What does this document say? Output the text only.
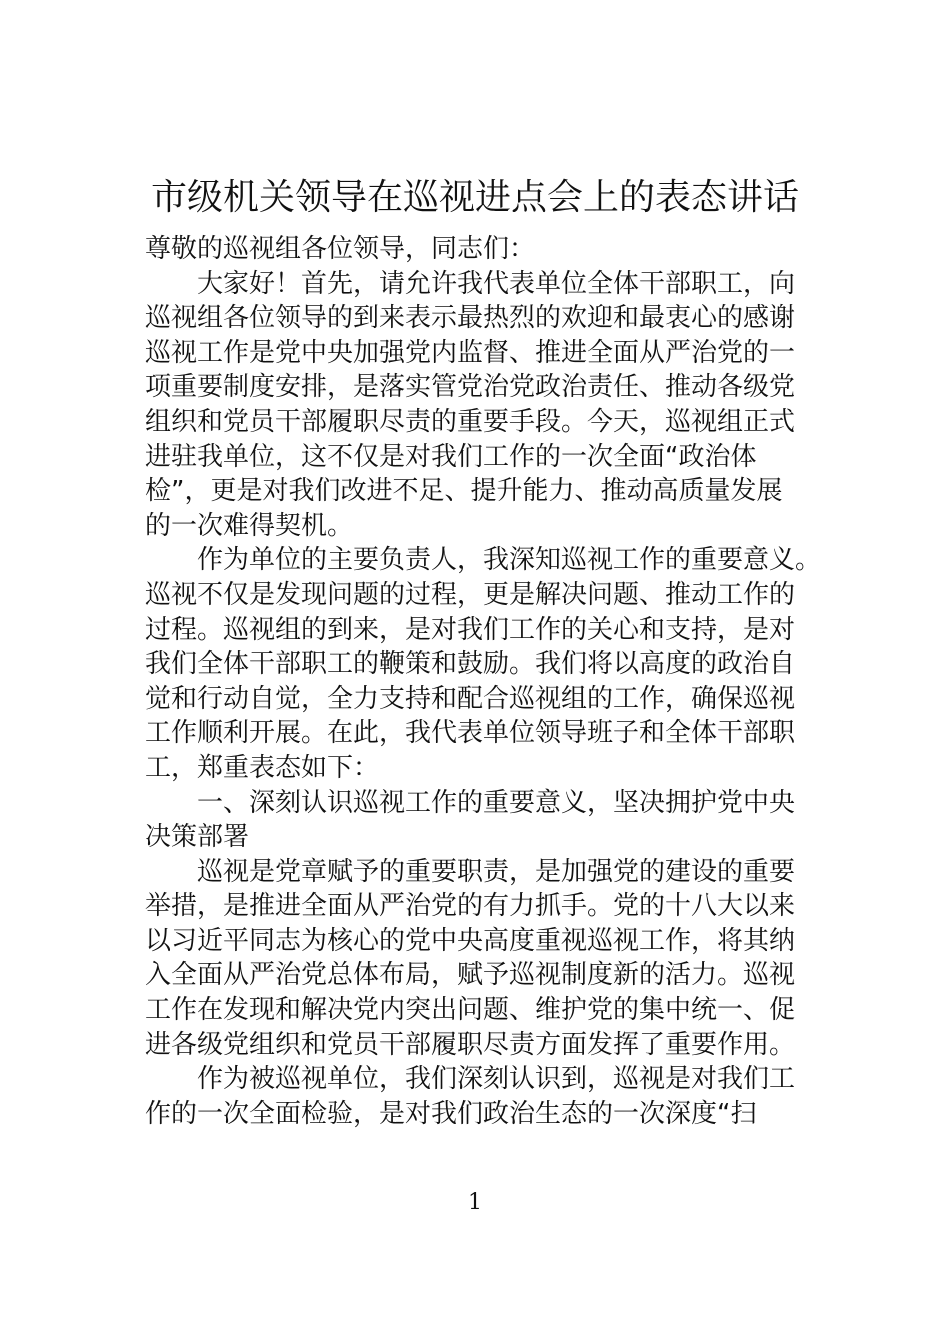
市级机关领导在巡视进点会上的表态讲话
尊敬的巡视组各位领导，同志们：
大家好！首先，请允许我代表单位全体干部职工，向
巡视组各位领导的到来表示最热烈的欢迎和最衷心的感谢
巡视工作是党中央加强党内监督、推进全面从严治党的一
项重要制度安排，是落实管党治党政治责任、推动各级党
组织和党员干部履职尽责的重要手段。今天，巡视组正式
进驻我单位，这不仅是对我们工作的一次全面“政治体
检”，更是对我们改进不足、提升能力、推动高质量发展
的一次难得契机。
作为单位的主要负责人，我深知巡视工作的重要意义。
巡视不仅是发现问题的过程，更是解决问题、推动工作的
过程。巡视组的到来，是对我们工作的关心和支持，是对
我们全体干部职工的鞭策和鼓励。我们将以高度的政治自
觉和行动自觉，全力支持和配合巡视组的工作，确保巡视
工作顺利开展。在此，我代表单位领导班子和全体干部职
工，郑重表态如下：
一、深刻认识巡视工作的重要意义，坚决拥护党中央
决策部署
巡视是党章赋予的重要职责，是加强党的建设的重要
举措，是推进全面从严治党的有力抓手。党的十八大以来
以习近平同志为核心的党中央高度重视巡视工作，将其纳
入全面从严治党总体布局，赋予巡视制度新的活力。巡视
工作在发现和解决党内突出问题、维护党的集中统一、促
进各级党组织和党员干部履职尽责方面发挥了重要作用。
作为被巡视单位，我们深刻认识到，巡视是对我们工
作的一次全面检验，是对我们政治生态的一次深度“扫
1
